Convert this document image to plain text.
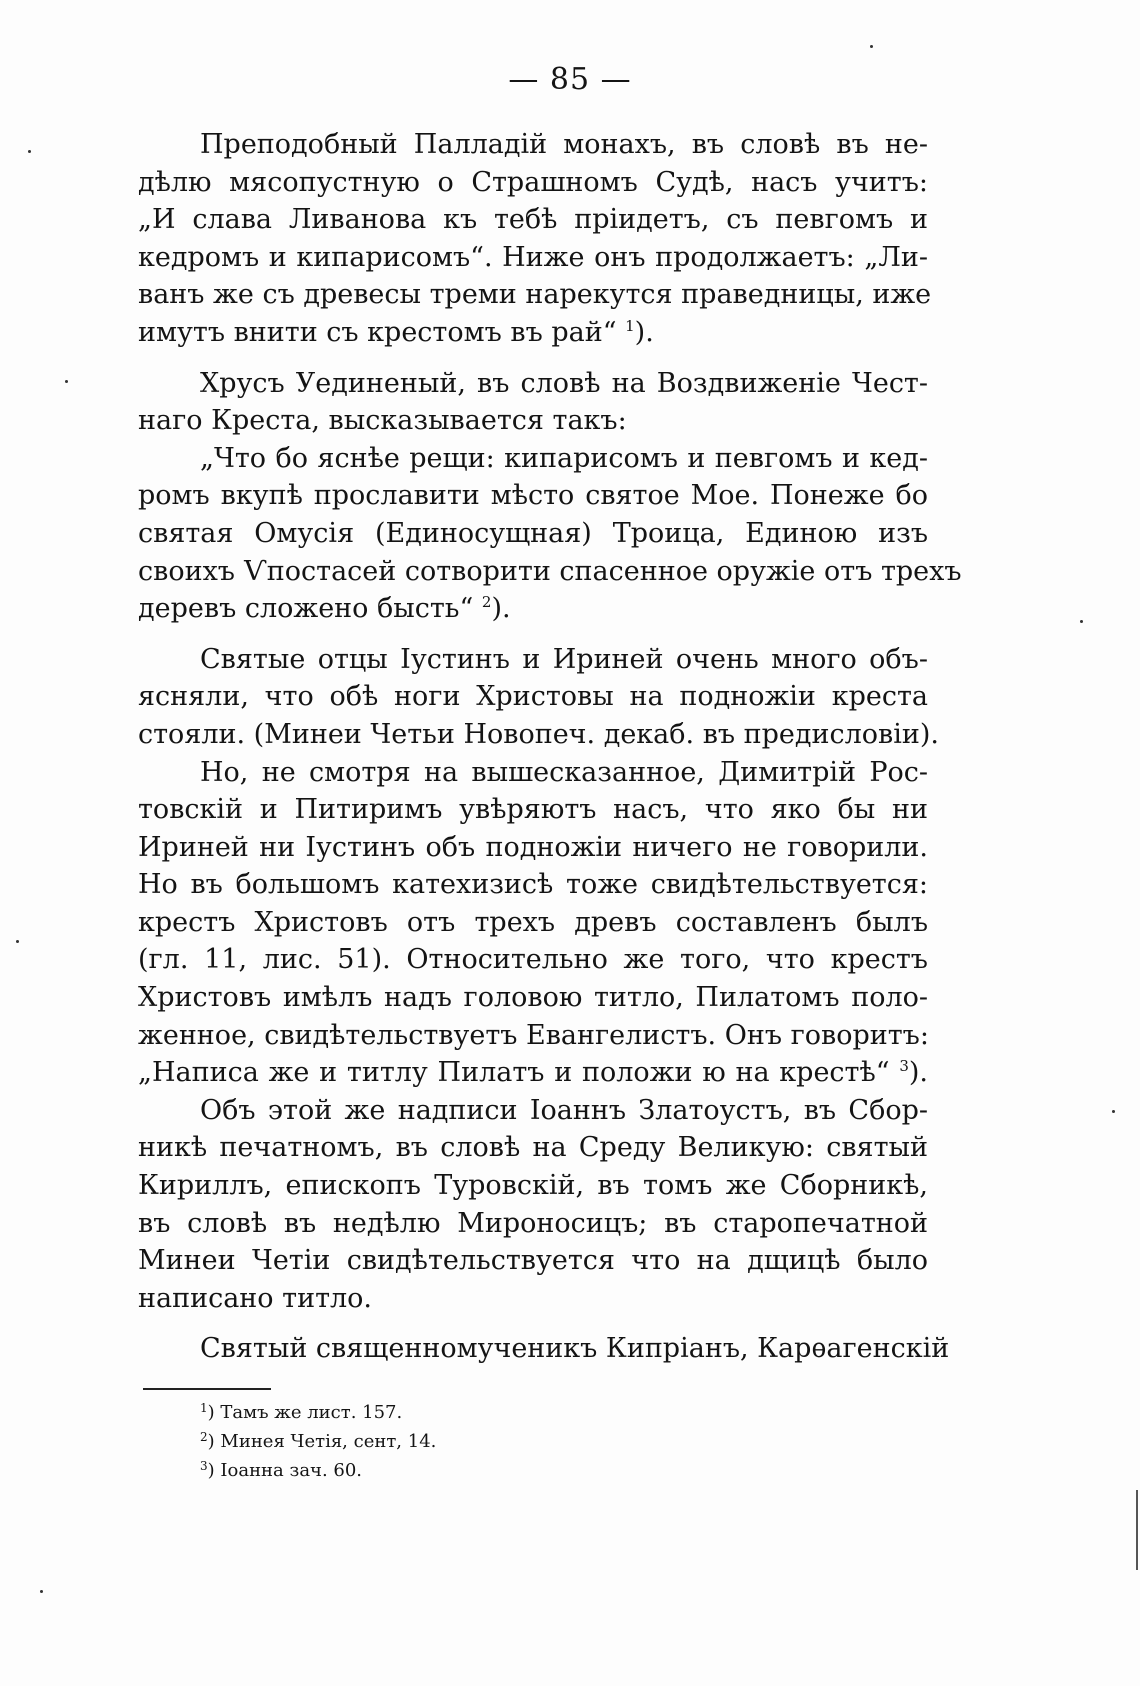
— 85 —
Преподобный Палладій монахъ, въ словѣ въ не-
дѣлю мясопустную о Страшномъ Судѣ, насъ учитъ:
„И слава Ливанова къ тебѣ пріидетъ, съ певгомъ и
кедромъ и кипарисомъ“. Ниже онъ продолжаетъ: „Ли-
ванъ же съ древесы треми нарекутся праведницы, иже
имутъ внити съ крестомъ въ рай“ $^1$).
Хрусъ Уединеный, въ словѣ на Воздвиженіе Чест-
наго Креста, высказывается такъ:
„Что бо яснѣе рещи: кипарисомъ и певгомъ и кед-
ромъ вкупѣ прославити мѣсто святое Мое. Понеже бо
святая Омусія (Единосущная) Троица, Единою изъ
своихъ Ѵпостасей сотворити спасенное оружіе отъ трехъ
деревъ сложено бысть“ $^2$).
Святые отцы Іустинъ и Ириней очень много объ-
ясняли, что обѣ ноги Христовы на подножіи креста
стояли. (Минеи Четьи Новопеч. декаб. въ предисловіи).
Но, не смотря на вышесказанное, Димитрій Рос-
товскій и Питиримъ увѣряютъ насъ, что яко бы ни
Ириней ни Іустинъ объ подножіи ничего не говорили.
Но въ большомъ катехизисѣ тоже свидѣтельствуется:
крестъ Христовъ отъ трехъ древъ составленъ былъ
(гл. 11, лис. 51). Относительно же того, что крестъ
Христовъ имѣлъ надъ головою титло, Пилатомъ поло-
женное, свидѣтельствуетъ Евангелистъ. Онъ говоритъ:
„Написа же и титлу Пилатъ и положи ю на крестѣ“ $^3$).
Объ этой же надписи Іоаннъ Златоустъ, въ Сбор-
никѣ печатномъ, въ словѣ на Среду Великую: святый
Кириллъ, епископъ Туровскій, въ томъ же Сборникѣ,
въ словѣ въ недѣлю Мироносицъ; въ старопечатной
Минеи Четіи свидѣтельствуется что на дщицѣ было
написано титло.
Святый священномученикъ Кипріанъ, Карѳагенскій
$^1$) Тамъ же лист. 157.
$^2$) Минея Четія, сент, 14.
$^3$) Іоанна зач. 60.
